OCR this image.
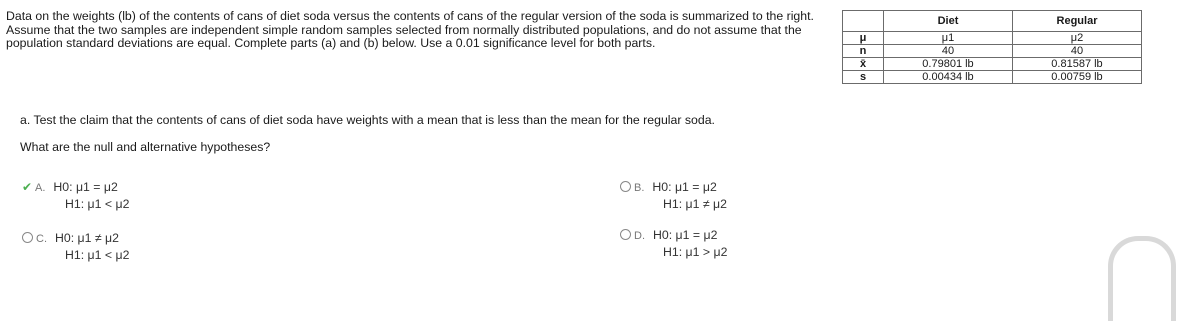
Data on the weights (lb) of the contents of cans of diet soda versus the contents of cans of the regular version of the soda is summarized to the right. Assume that the two samples are independent simple random samples selected from normally distributed populations, and do not assume that the population standard deviations are equal. Complete parts (a) and (b) below. Use a 0.01 significance level for both parts.
	Diet	Regular
μ	μ1	μ2
n	40	40
x̄	0.79801 lb	0.81587 lb
s	0.00434 lb	0.00759 lb
a. Test the claim that the contents of cans of diet soda have weights with a mean that is less than the mean for the regular soda.
What are the null and alternative hypotheses?
✔ A. H0: μ1 = μ2
H1: μ1 < μ2
B. H0: μ1 = μ2
H1: μ1 ≠ μ2
C. H0: μ1 ≠ μ2
H1: μ1 < μ2
D. H0: μ1 = μ2
H1: μ1 > μ2
